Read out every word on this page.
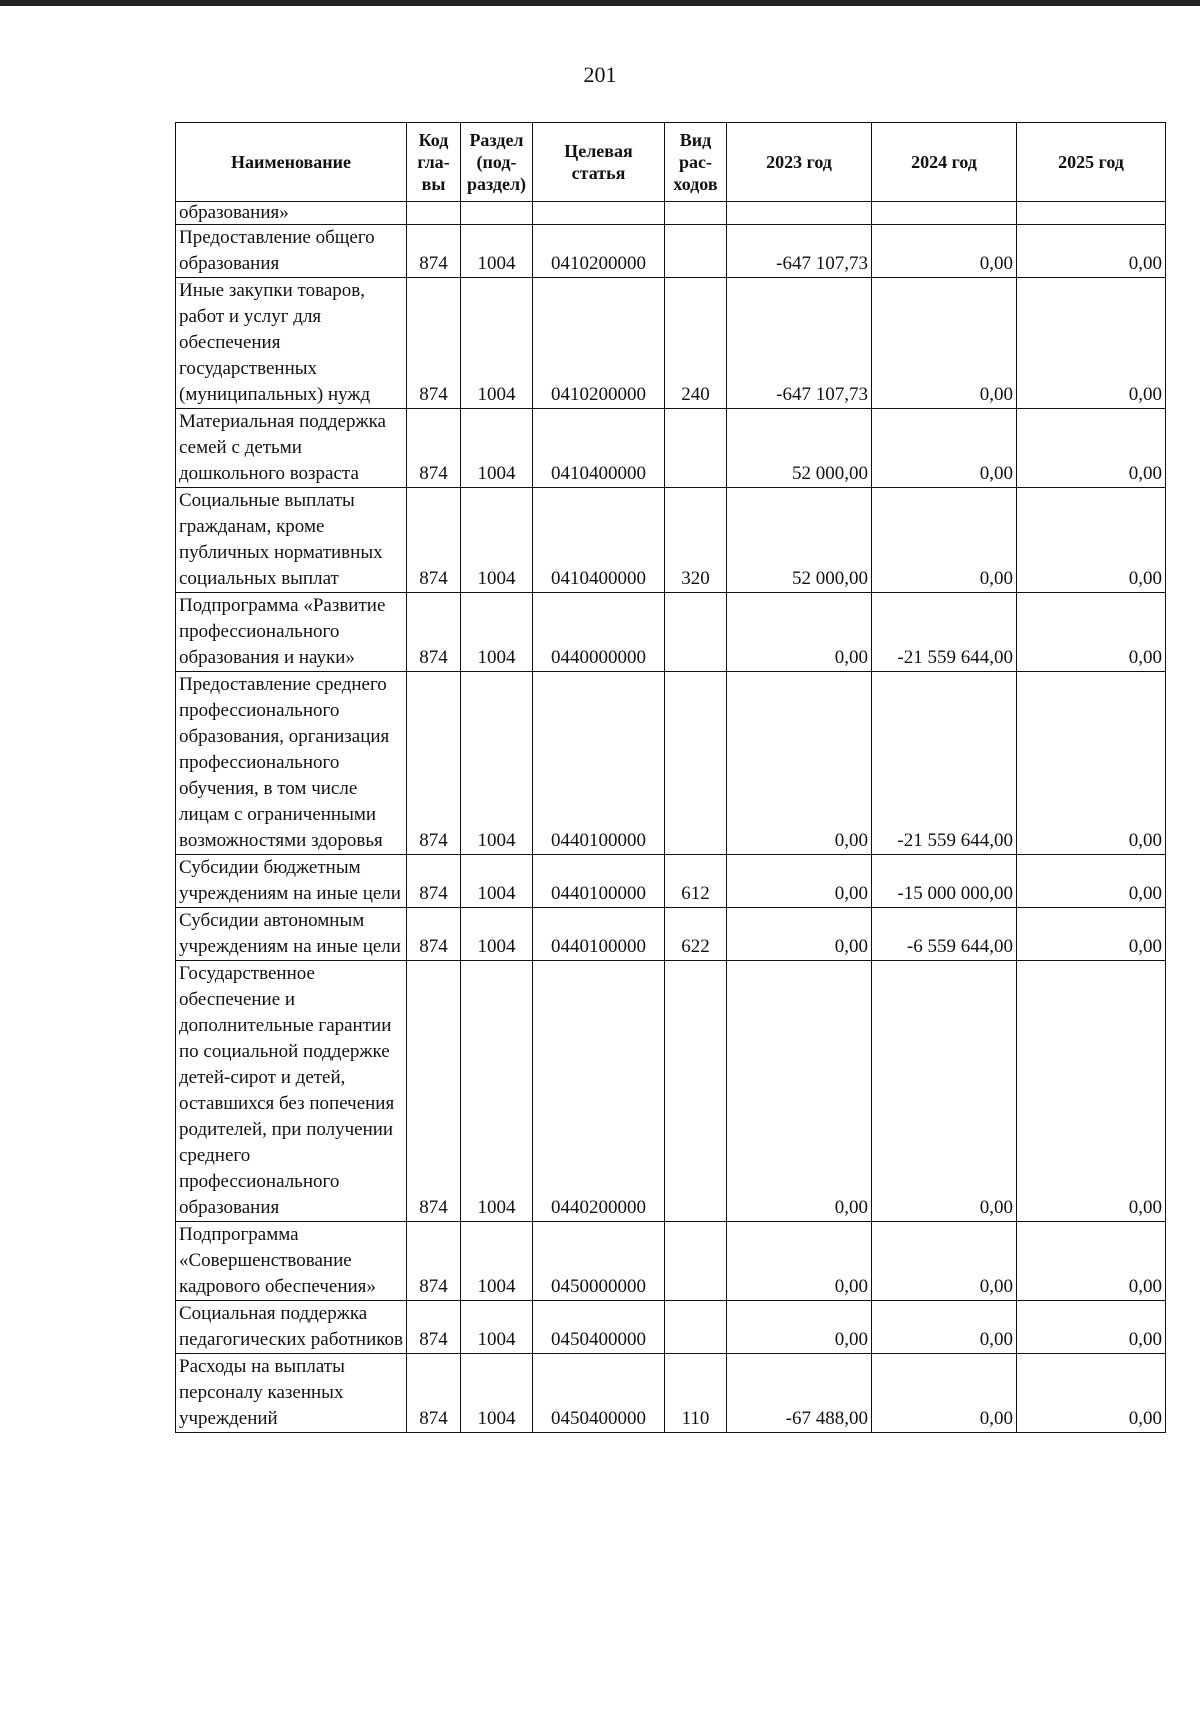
201
Наименование	Код гла- вы	Раздел (под- раздел)	Целевая статья	Вид рас- ходов	2023 год	2024 год	2025 год
образования»							
Предоставление общего образования	874	1004	0410200000		-647 107,73	0,00	0,00
Иные закупки товаров, работ и услуг для обеспечения государственных (муниципальных) нужд	874	1004	0410200000	240	-647 107,73	0,00	0,00
Материальная поддержка семей с детьми дошкольного возраста	874	1004	0410400000		52 000,00	0,00	0,00
Социальные выплаты гражданам, кроме публичных нормативных социальных выплат	874	1004	0410400000	320	52 000,00	0,00	0,00
Подпрограмма «Развитие профессионального образования и науки»	874	1004	0440000000		0,00	-21 559 644,00	0,00
Предоставление среднего профессионального образования, организация профессионального обучения, в том числе лицам с ограниченными возможностями здоровья	874	1004	0440100000		0,00	-21 559 644,00	0,00
Субсидии бюджетным учреждениям на иные цели	874	1004	0440100000	612	0,00	-15 000 000,00	0,00
Субсидии автономным учреждениям на иные цели	874	1004	0440100000	622	0,00	-6 559 644,00	0,00
Государственное обеспечение и дополнительные гарантии по социальной поддержке детей-сирот и детей, оставшихся без попечения родителей, при получении среднего профессионального образования	874	1004	0440200000		0,00	0,00	0,00
Подпрограмма «Совершенствование кадрового обеспечения»	874	1004	0450000000		0,00	0,00	0,00
Социальная поддержка педагогических работников	874	1004	0450400000		0,00	0,00	0,00
Расходы на выплаты персоналу казенных учреждений	874	1004	0450400000	110	-67 488,00	0,00	0,00
